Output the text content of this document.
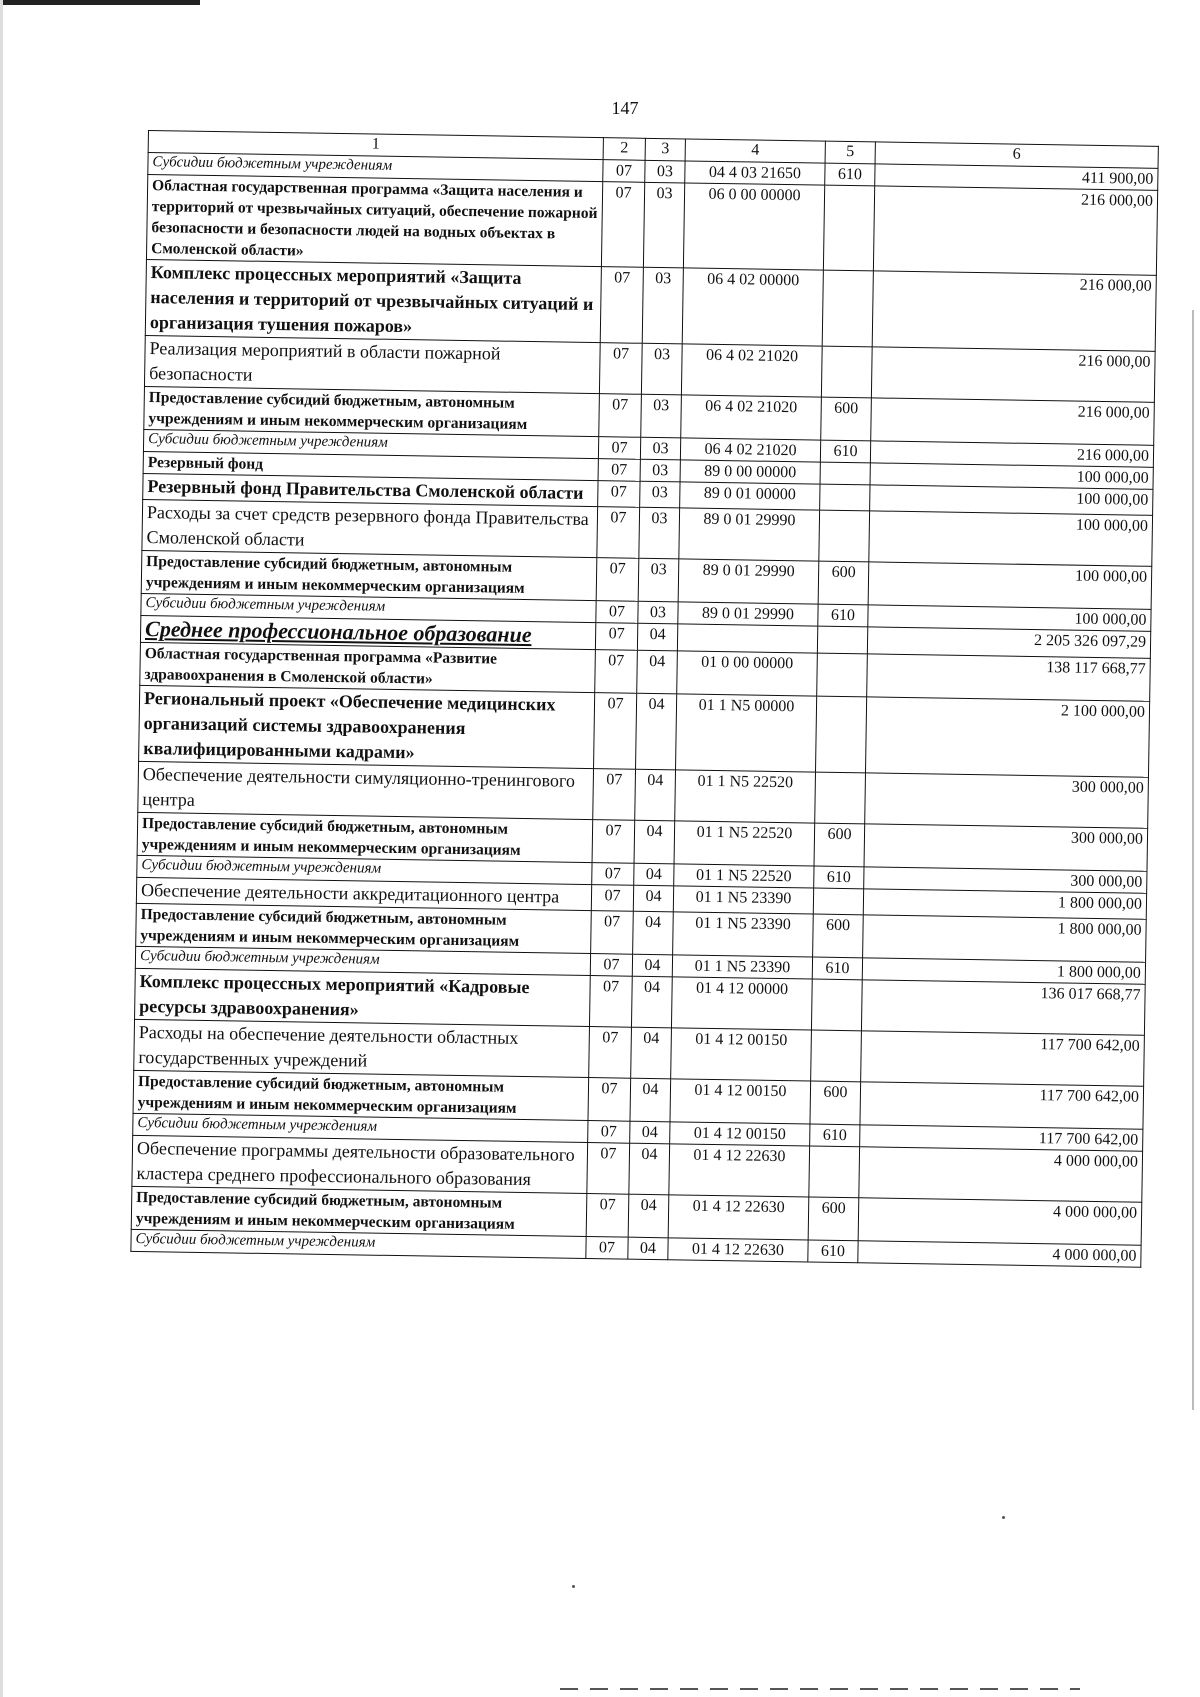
147
1	2	3	4	5	6
Субсидии бюджетным учреждениям	07	03	04 4 03 21650	610	411 900,00
Областная государственная программа «Защита населения и территорий от чрезвычайных ситуаций, обеспечение пожарной безопасности и безопасности людей на водных объектах в Смоленской области»	07	03	06 0 00 00000		216 000,00
Комплекс процессных мероприятий «Защита населения и территорий от чрезвычайных ситуаций и организация тушения пожаров»	07	03	06 4 02 00000		216 000,00
Реализация мероприятий в области пожарной безопасности	07	03	06 4 02 21020		216 000,00
Предоставление субсидий бюджетным, автономным учреждениям и иным некоммерческим организациям	07	03	06 4 02 21020	600	216 000,00
Субсидии бюджетным учреждениям	07	03	06 4 02 21020	610	216 000,00
Резервный фонд	07	03	89 0 00 00000		100 000,00
Резервный фонд Правительства Смоленской области	07	03	89 0 01 00000		100 000,00
Расходы за счет средств резервного фонда Правительства Смоленской области	07	03	89 0 01 29990		100 000,00
Предоставление субсидий бюджетным, автономным учреждениям и иным некоммерческим организациям	07	03	89 0 01 29990	600	100 000,00
Субсидии бюджетным учреждениям	07	03	89 0 01 29990	610	100 000,00
Среднее профессиональное образование	07	04			2 205 326 097,29
Областная государственная программа «Развитие здравоохранения в Смоленской области»	07	04	01 0 00 00000		138 117 668,77
Региональный проект «Обеспечение медицинских организаций системы здравоохранения квалифицированными кадрами»	07	04	01 1 N5 00000		2 100 000,00
Обеспечение деятельности симуляционно-тренингового центра	07	04	01 1 N5 22520		300 000,00
Предоставление субсидий бюджетным, автономным учреждениям и иным некоммерческим организациям	07	04	01 1 N5 22520	600	300 000,00
Субсидии бюджетным учреждениям	07	04	01 1 N5 22520	610	300 000,00
Обеспечение деятельности аккредитационного центра	07	04	01 1 N5 23390		1 800 000,00
Предоставление субсидий бюджетным, автономным учреждениям и иным некоммерческим организациям	07	04	01 1 N5 23390	600	1 800 000,00
Субсидии бюджетным учреждениям	07	04	01 1 N5 23390	610	1 800 000,00
Комплекс процессных мероприятий «Кадровые ресурсы здравоохранения»	07	04	01 4 12 00000		136 017 668,77
Расходы на обеспечение деятельности областных государственных учреждений	07	04	01 4 12 00150		117 700 642,00
Предоставление субсидий бюджетным, автономным учреждениям и иным некоммерческим организациям	07	04	01 4 12 00150	600	117 700 642,00
Субсидии бюджетным учреждениям	07	04	01 4 12 00150	610	117 700 642,00
Обеспечение программы деятельности образовательного кластера среднего профессионального образования	07	04	01 4 12 22630		4 000 000,00
Предоставление субсидий бюджетным, автономным учреждениям и иным некоммерческим организациям	07	04	01 4 12 22630	600	4 000 000,00
Субсидии бюджетным учреждениям	07	04	01 4 12 22630	610	4 000 000,00
